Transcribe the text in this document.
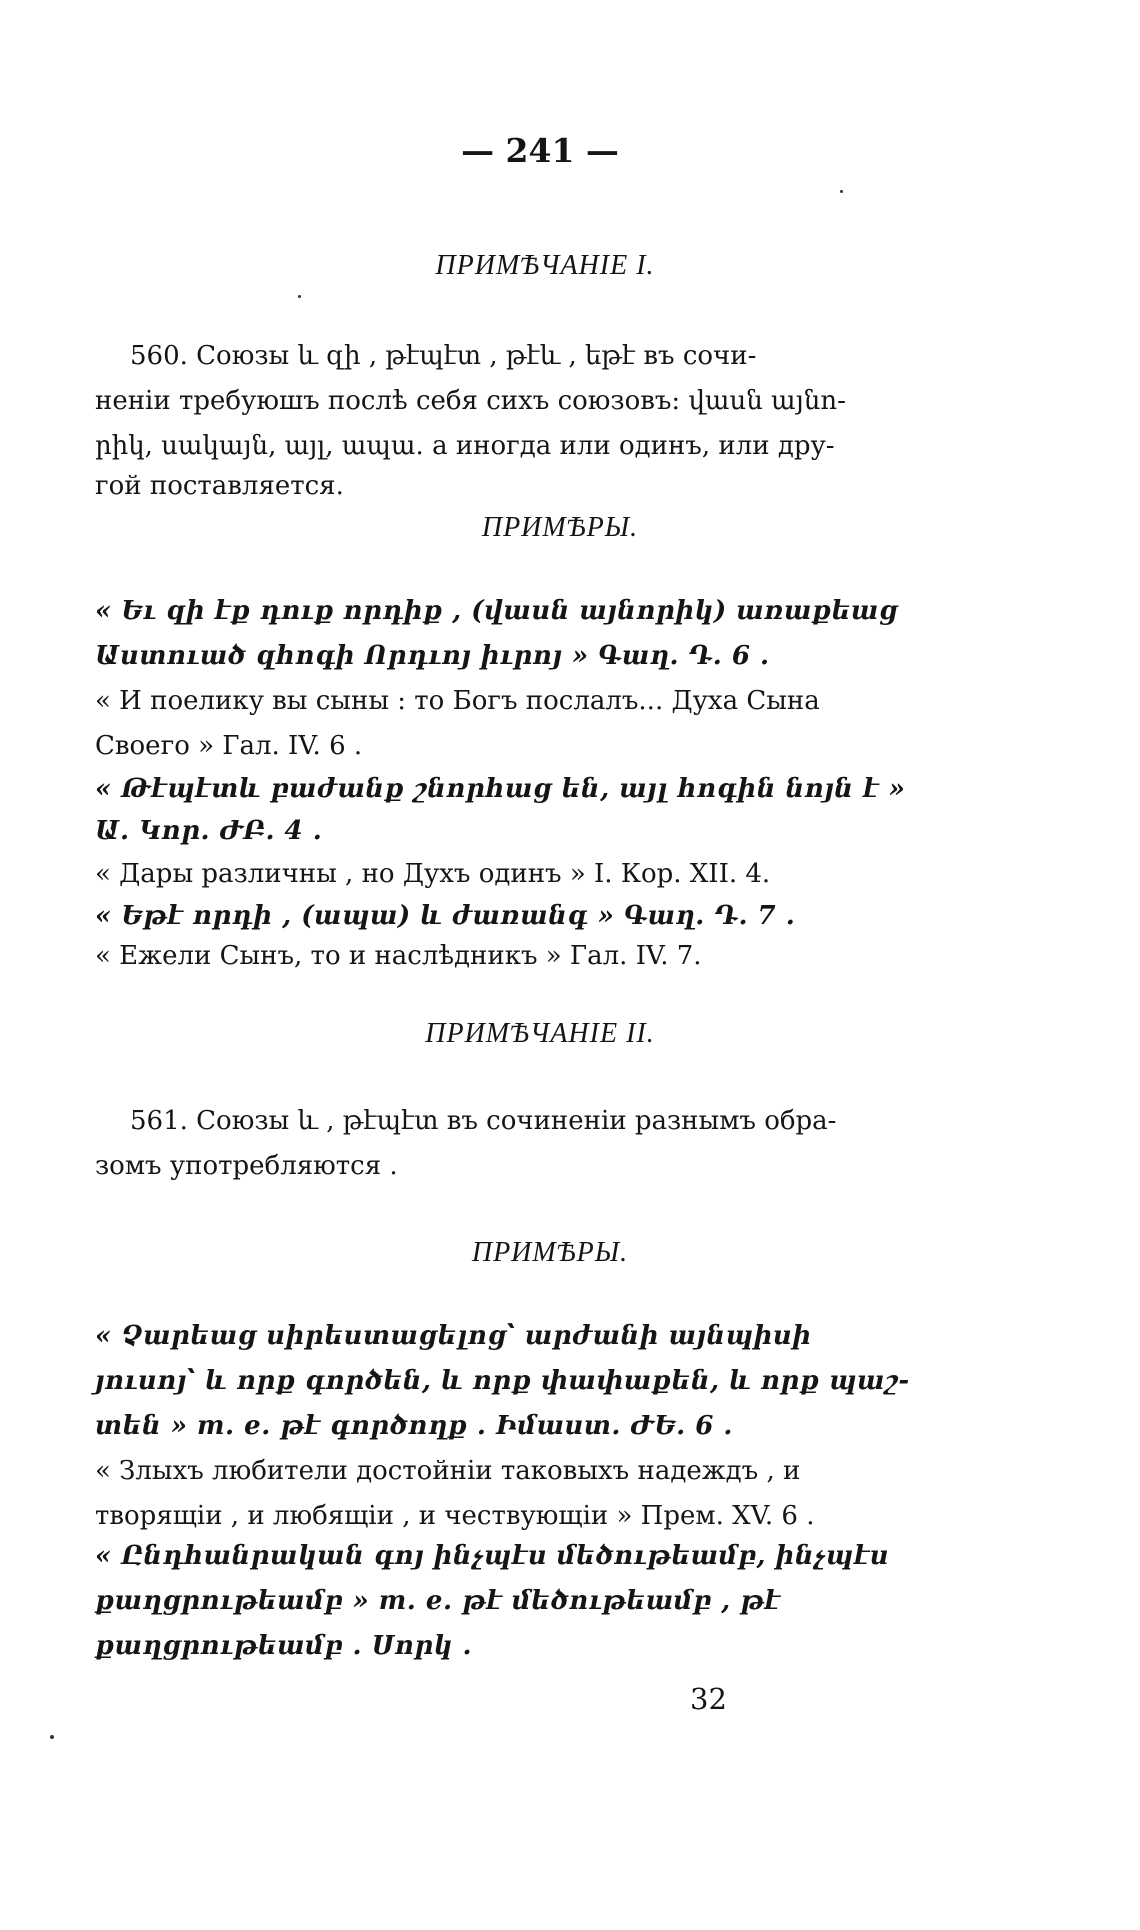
— 241 —
ПРИМѢЧАНІЕ I.
560. Союзы և զի , թէպէտ , թէև , եթէ въ сочи-
неніи требуюшъ послѣ себя сихъ союзовъ: վասն այնո-
րիկ, սակայն, այլ, ապա. а иногда или одинъ, или дру-
гой поставляется.
ПРИМѢРЫ.
« Եւ զի էք դուք որդիք , (վասն այնորիկ) առաքեաց
Աստուած զհոգի Որդւոյ իւրոյ » Գաղ. Դ. 6 .
« И поелику вы сыны : то Богъ послалъ... Духа Сына
Своего » Гал. IV. 6 .
« Թէպէտև բաժանք շնորհաց են, այլ հոգին նոյն է »
Ա. Կոր. ԺԲ. 4 .
« Дары различны , но Духъ одинъ » I. Кор. XII. 4.
« Եթէ որդի , (ապա) և ժառանգ » Գաղ. Դ. 7 .
« Ежели Сынъ, то и наслѣдникъ » Гал. IV. 7.
ПРИМѢЧАНІЕ II.
561. Союзы և , թէպէտ въ сочиненіи разнымъ обра-
зомъ употребляются .
ПРИМѢРЫ.
« Չարեաց սիրեստացելոց՝ արժանի այնպիսի
յուսոյ՝ և որք գործեն, և որք փափաքեն, և որք պաշ-
տեն » т. е. թէ գործողք . Իմաստ. ԺԵ. 6 .
« Злыхъ любители достойніи таковыхъ надеждъ , и
творящіи , и любящіи , и чествующіи » Прем. XV. 6 .
« Ընդհանրական գոյ ինչպէս մեծութեամբ, ինչպէս
քաղցրութեամբ » т. е. թէ մեծութեամբ , թէ
քաղցրութեամբ . Սորկ .
32
